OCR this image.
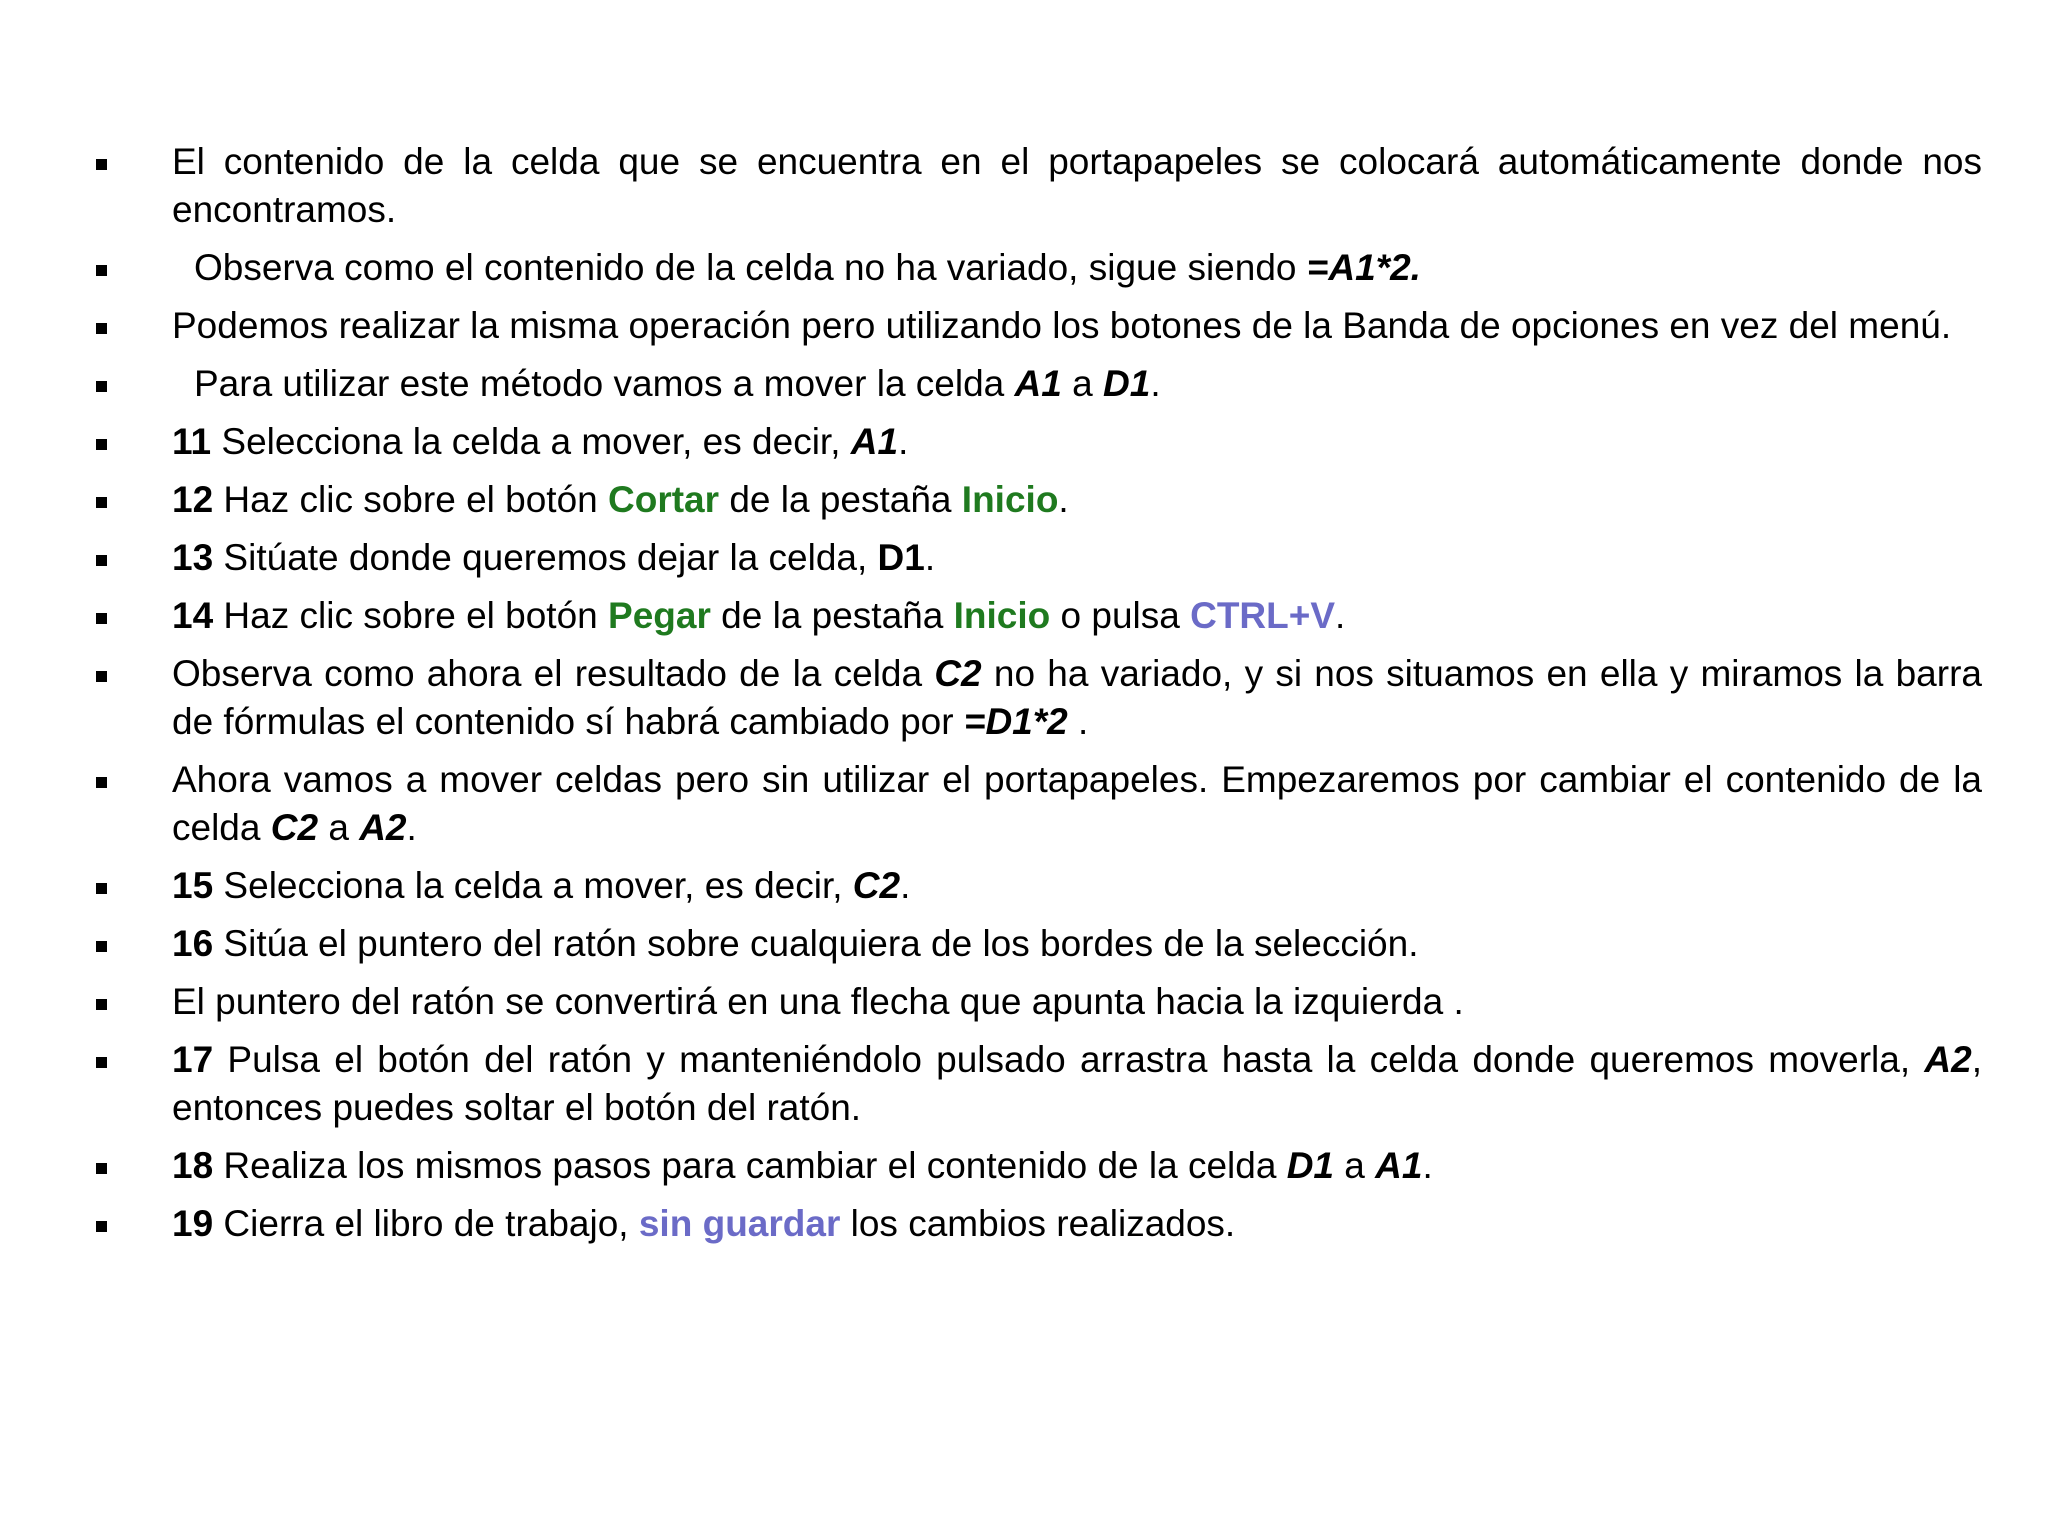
El contenido de la celda que se encuentra en el portapapeles se colocará automáticamente donde nos encontramos.
Observa como el contenido de la celda no ha variado, sigue siendo =A1*2.
Podemos realizar la misma operación pero utilizando los botones de la Banda de opciones en vez del menú.
Para utilizar este método vamos a mover la celda A1 a D1.
11 Selecciona la celda a mover, es decir, A1.
12 Haz clic sobre el botón Cortar de la pestaña Inicio.
13 Sitúate donde queremos dejar la celda, D1.
14 Haz clic sobre el botón Pegar de la pestaña Inicio o pulsa CTRL+V.
Observa como ahora el resultado de la celda C2 no ha variado, y si nos situamos en ella y miramos la barra de fórmulas el contenido sí habrá cambiado por =D1*2 .
Ahora vamos a mover celdas pero sin utilizar el portapapeles. Empezaremos por cambiar el contenido de la celda C2 a A2.
15 Selecciona la celda a mover, es decir, C2.
16 Sitúa el puntero del ratón sobre cualquiera de los bordes de la selección.
El puntero del ratón se convertirá en una flecha que apunta hacia la izquierda .
17 Pulsa el botón del ratón y manteniéndolo pulsado arrastra hasta la celda donde queremos moverla, A2, entonces puedes soltar el botón del ratón.
18 Realiza los mismos pasos para cambiar el contenido de la celda D1 a A1.
19 Cierra el libro de trabajo, sin guardar los cambios realizados.
